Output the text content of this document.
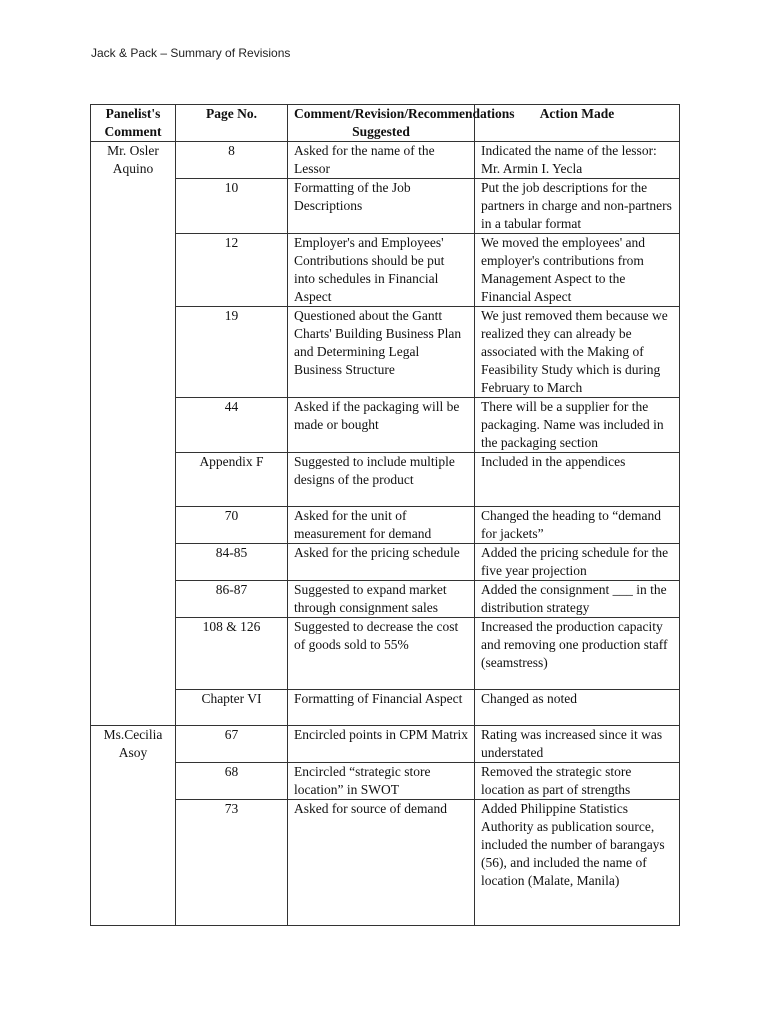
Jack & Pack – Summary of Revisions
Panelist's Comment	Page No.	Comment/Revision/Recommendations Suggested	Action Made
Mr. Osler Aquino	8	Asked for the name of the Lessor	Indicated the name of the lessor: Mr. Armin I. Yecla
	10	Formatting of the Job Descriptions	Put the job descriptions for the partners in charge and non-partners in a tabular format
	12	Employer's and Employees' Contributions should be put into schedules in Financial Aspect	We moved the employees' and employer's contributions from Management Aspect to the Financial Aspect
	19	Questioned about the Gantt Charts' Building Business Plan and Determining Legal Business Structure	We just removed them because we realized they can already be associated with the Making of Feasibility Study which is during February to March
	44	Asked if the packaging will be made or bought	There will be a supplier for the packaging. Name was included in the packaging section
	Appendix F	Suggested to include multiple designs of the product	Included in the appendices
	70	Asked for the unit of measurement for demand	Changed the heading to “demand for jackets”
	84-85	Asked for the pricing schedule	Added the pricing schedule for the five year projection
	86-87	Suggested to expand market through consignment sales	Added the consignment ___ in the distribution strategy
	108 & 126	Suggested to decrease the cost of goods sold to 55%	Increased the production capacity and removing one production staff (seamstress)
	Chapter VI	Formatting of Financial Aspect	Changed as noted
Ms.Cecilia Asoy	67	Encircled points in CPM Matrix	Rating was increased since it was understated
	68	Encircled “strategic store location” in SWOT	Removed the strategic store location as part of strengths
	73	Asked for source of demand	Added Philippine Statistics Authority as publication source, included the number of barangays (56), and included the name of location (Malate, Manila)
